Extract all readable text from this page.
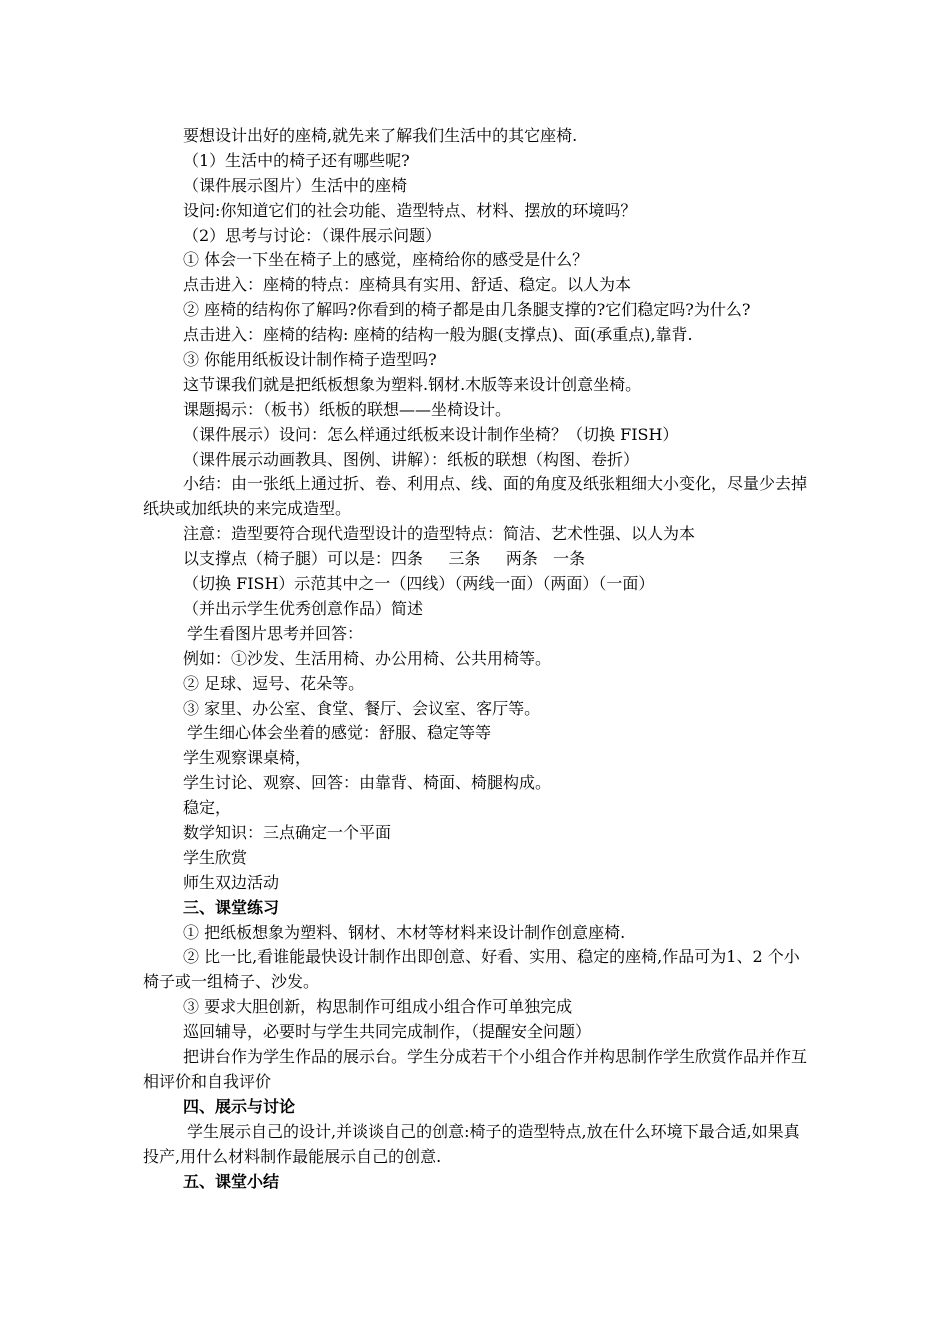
要想设计出好的座椅,就先来了解我们生活中的其它座椅.
（1）生活中的椅子还有哪些呢?
（课件展示图片）生活中的座椅
设问:你知道它们的社会功能、造型特点、材料、摆放的环境吗？
（2）思考与讨论：（课件展示问题）
① 体会一下坐在椅子上的感觉，座椅给你的感受是什么？
点击进入：座椅的特点：座椅具有实用、舒适、稳定。以人为本
② 座椅的结构你了解吗?你看到的椅子都是由几条腿支撑的?它们稳定吗?为什么?
点击进入：座椅的结构: 座椅的结构一般为腿(支撑点)、面(承重点),靠背.
③ 你能用纸板设计制作椅子造型吗?
这节课我们就是把纸板想象为塑料.钢材.木版等来设计创意坐椅。
课题揭示：（板书）纸板的联想——坐椅设计。
（课件展示）设问：怎么样通过纸板来设计制作坐椅？（切换 FISH）
（课件展示动画教具、图例、讲解）：纸板的联想（构图、卷折）
小结：由一张纸上通过折、卷、利用点、线、面的角度及纸张粗细大小变化，尽量少去掉纸块或加纸块的来完成造型。
注意：造型要符合现代造型设计的造型特点：简洁、艺术性强、以人为本
以支撑点（椅子腿）可以是：四条     三条     两条   一条
（切换 FISH）示范其中之一（四线）（两线一面）（两面）（一面）
（并出示学生优秀创意作品）简述
学生看图片思考并回答：
例如：①沙发、生活用椅、办公用椅、公共用椅等。
② 足球、逗号、花朵等。
③ 家里、办公室、食堂、餐厅、会议室、客厅等。
学生细心体会坐着的感觉：舒服、稳定等等
学生观察课桌椅，
学生讨论、观察、回答：由靠背、椅面、椅腿构成。
稳定，
数学知识：三点确定一个平面
学生欣赏
师生双边活动
三、课堂练习
① 把纸板想象为塑料、钢材、木材等材料来设计制作创意座椅.
② 比一比,看谁能最快设计制作出即创意、好看、实用、稳定的座椅,作品可为1、2 个小椅子或一组椅子、沙发。
③ 要求大胆创新，构思制作可组成小组合作可单独完成
巡回辅导，必要时与学生共同完成制作，（提醒安全问题）
把讲台作为学生作品的展示台。学生分成若干个小组合作并构思制作学生欣赏作品并作互相评价和自我评价
四、展示与讨论
学生展示自己的设计,并谈谈自己的创意:椅子的造型特点,放在什么环境下最合适,如果真投产,用什么材料制作最能展示自己的创意.
五、课堂小结
